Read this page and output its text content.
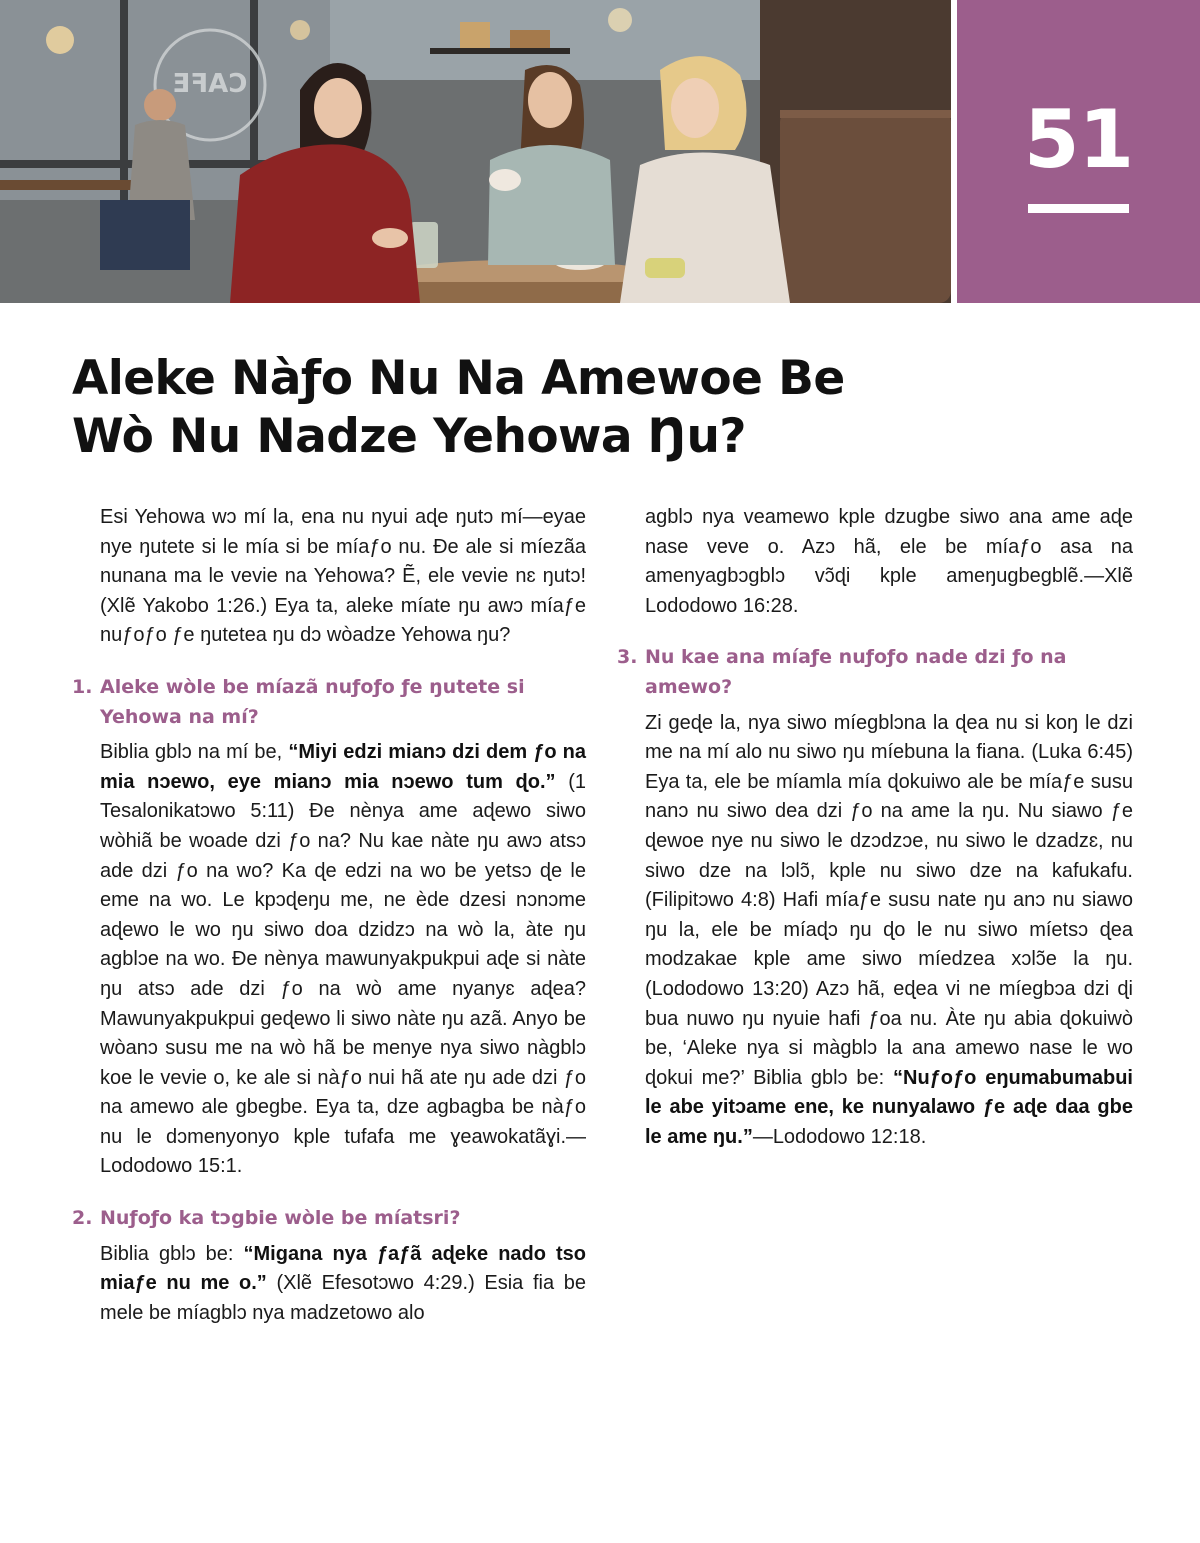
CAFE
51
Aleke Nàƒo Nu Na Amewoe Be
Wò Nu Nadze Yehowa Ŋu?

Esi Yehowa wɔ mí la, ena nu nyui aɖe ŋutɔ mí—eyae nye ŋutete si le mía si be míaƒo nu. Ðe ale si míezãa nunana ma le vevie na Yehowa? Ẽ, ele vevie nɛ ŋutɔ! (Xlẽ Yakobo 1:26.) Eya ta, aleke míate ŋu awɔ míaƒe nuƒoƒo ƒe ŋutetea ŋu dɔ wòadze Yehowa ŋu?

1. Aleke wòle be míazã nuƒoƒo ƒe ŋutete si Yehowa na mí?

Biblia gblɔ na mí be, “Miyi edzi mianɔ dzi dem ƒo na mia nɔewo, eye mianɔ mia nɔewo tum ɖo.” (1 Tesalonikatɔwo 5:11) Ðe nènya ame aɖewo siwo wòhiã be woade dzi ƒo na? Nu kae nàte ŋu awɔ atsɔ ade dzi ƒo na wo? Ka ɖe edzi na wo be yetsɔ ɖe le eme na wo. Le kpɔɖeŋu me, ne ède dzesi nɔnɔme aɖewo le wo ŋu siwo doa dzidzɔ na wò la, àte ŋu agblɔe na wo. Ðe nènya mawunyakpukpui aɖe si nàte ŋu atsɔ ade dzi ƒo na wò ame nyanyɛ aɖea? Mawunyakpukpui geɖewo li siwo nàte ŋu azã. Anyo be wòanɔ susu me na wò hã be menye nya siwo nàgblɔ koe le vevie o, ke ale si nàƒo nui hã ate ŋu ade dzi ƒo na amewo ale gbegbe. Eya ta, dze agbagba be nàƒo nu le dɔmenyonyo kple tufafa me ɣeawokatãɣi.—Lododowo 15:1.

2. Nuƒoƒo ka tɔgbie wòle be míatsri?

Biblia gblɔ be: “Migana nya ƒaƒã aɖeke nado tso miaƒe nu me o.” (Xlẽ Efesotɔwo 4:29.) Esia fia be mele be míagblɔ nya madzetowo alo

agblɔ nya veamewo kple dzugbe siwo ana ame aɖe nase veve o. Azɔ hã, ele be míaƒo asa na amenyagbɔgblɔ vɔ̃ɖi kple ameŋugbegblẽ.—Xlẽ Lododowo 16:28.

3. Nu kae ana míaƒe nuƒoƒo nade dzi ƒo na amewo?

Zi geɖe la, nya siwo míegblɔna la ɖea nu si koŋ le dzi me na mí alo nu siwo ŋu míebuna la fiana. (Luka 6:45) Eya ta, ele be míamla mía ɖokuiwo ale be míaƒe susu nanɔ nu siwo dea dzi ƒo na ame la ŋu. Nu siawo ƒe ɖewoe nye nu siwo le dzɔdzɔe, nu siwo le dzadzɛ, nu siwo dze na lɔlɔ̃, kple nu siwo dze na kafukafu. (Filipitɔwo 4:8) Hafi míaƒe susu nate ŋu anɔ nu siawo ŋu la, ele be míaɖɔ ŋu ɖo le nu siwo míetsɔ ɖea modzakae kple ame siwo míedzea xɔlɔ̃e la ŋu. (Lododowo 13:20) Azɔ hã, eɖea vi ne míegbɔa dzi ɖi bua nuwo ŋu nyuie hafi ƒoa nu. Àte ŋu abia ɖokuiwò be, ‘Aleke nya si màgblɔ la ana amewo nase le wo ɖokui me?’ Biblia gblɔ be: “Nuƒoƒo eŋumabumabui le abe yitɔame ene, ke nunyalawo ƒe aɖe daa gbe le ame ŋu.”—Lododowo 12:18.
